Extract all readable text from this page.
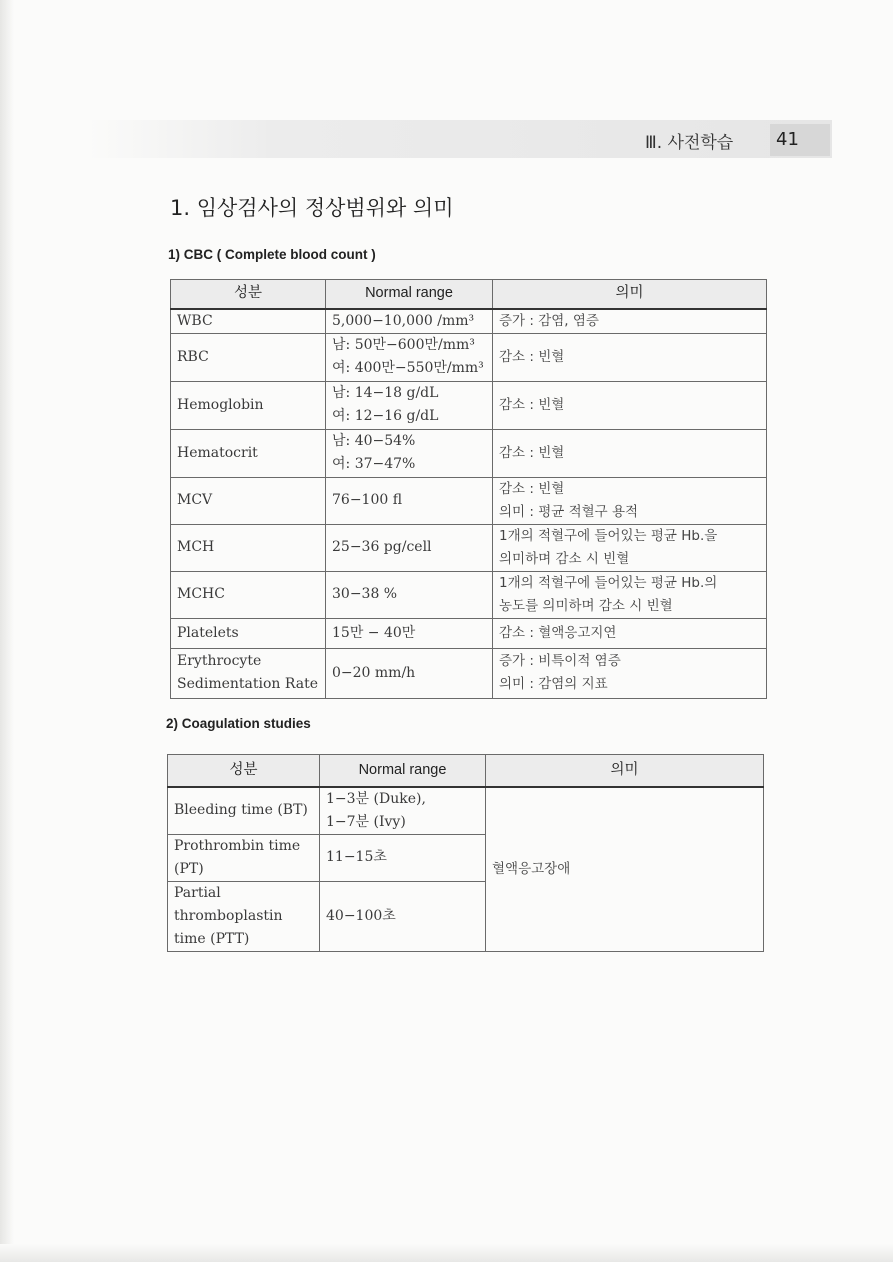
Ⅲ. 사전학습	41
1. 임상검사의 정상범위와 의미
1) CBC ( Complete blood count )
성분	Normal range	의미

WBC	5,000−10,000 /mm³	증가 : 감염, 염증

RBC	남: 50만−600만/mm³
여: 400만−550만/mm³	감소 : 빈혈

Hemoglobin	남: 14−18 g/dL
여: 12−16 g/dL	감소 : 빈혈

Hematocrit	남: 40−54%
여: 37−47%	감소 : 빈혈

MCV	76−100 fl	감소 : 빈혈
의미 : 평균 적혈구 용적

MCH	25−36 pg/cell	1개의 적혈구에 들어있는 평균 Hb.을
의미하며 감소 시 빈혈

MCHC	30−38 %	1개의 적혈구에 들어있는 평균 Hb.의
농도를 의미하며 감소 시 빈혈

Platelets	15만 − 40만	감소 : 혈액응고지연

Erythrocyte
Sedimentation Rate	0−20 mm/h	증가 : 비특이적 염증
의미 : 감염의 지표
2) Coagulation studies
성분	Normal range	의미

Bleeding time (BT)	1−3분 (Duke),
1−7분 (Ivy)	혈액응고장애

Prothrombin time
(PT)	11−15초	

Partial
thromboplastin
time (PTT)	40−100초	
